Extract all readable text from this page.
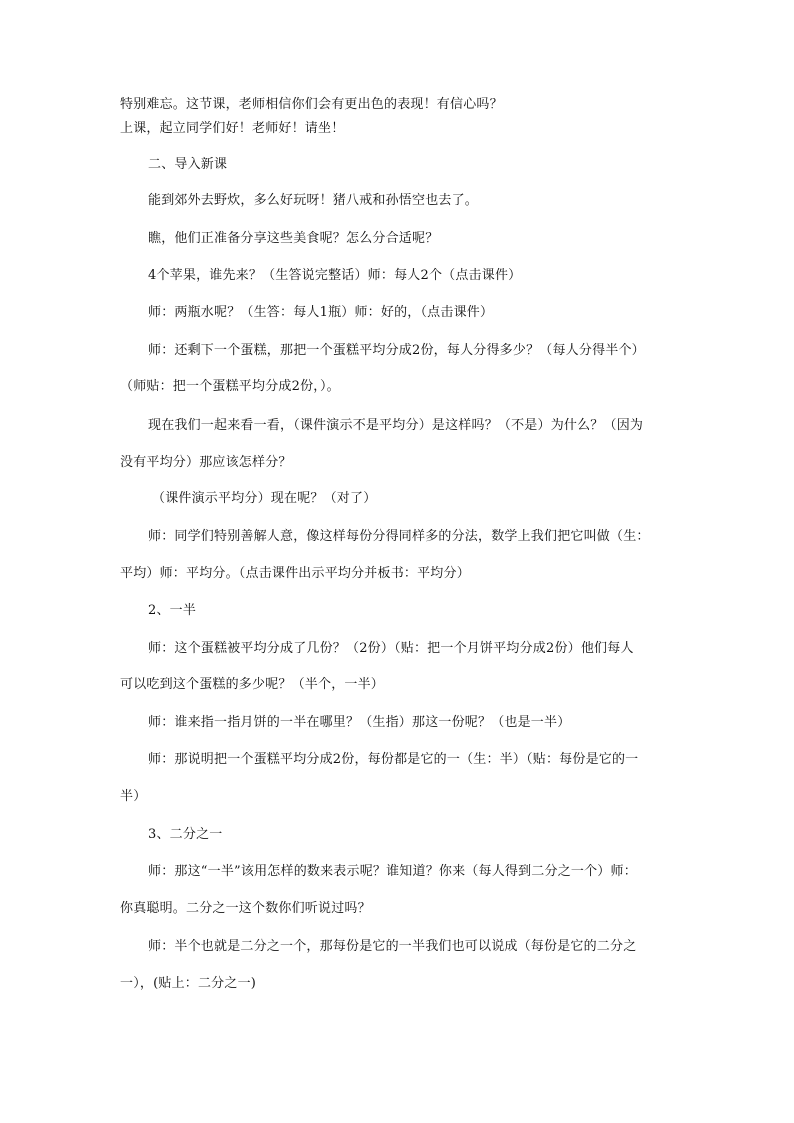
特别难忘。这节课，老师相信你们会有更出色的表现！有信心吗？
上课，起立同学们好！老师好！请坐！
二、导入新课
能到郊外去野炊，多么好玩呀！猪八戒和孙悟空也去了。
瞧，他们正准备分享这些美食呢？怎么分合适呢？
4个苹果，谁先来？（生答说完整话）师：每人2个（点击课件）
师：两瓶水呢？（生答：每人1瓶）师：好的，（点击课件）
师：还剩下一个蛋糕，那把一个蛋糕平均分成2份，每人分得多少？（每人分得半个）
（师贴：把一个蛋糕平均分成2份，）。
现在我们一起来看一看，（课件演示不是平均分）是这样吗？（不是）为什么？（因为
没有平均分）那应该怎样分？
（课件演示平均分）现在呢？（对了）
师：同学们特别善解人意，像这样每份分得同样多的分法，数学上我们把它叫做（生：
平均）师：平均分。（点击课件出示平均分并板书：平均分）
2、一半
师：这个蛋糕被平均分成了几份？（2份）（贴：把一个月饼平均分成2份）他们每人
可以吃到这个蛋糕的多少呢？（半个，一半）
师：谁来指一指月饼的一半在哪里？（生指）那这一份呢？（也是一半）
师：那说明把一个蛋糕平均分成2份，每份都是它的一（生：半）（贴：每份是它的一
半）
3、二分之一
师：那这“一半”该用怎样的数来表示呢？谁知道？你来（每人得到二分之一个）师：
你真聪明。二分之一这个数你们听说过吗？
师：半个也就是二分之一个，那每份是它的一半我们也可以说成（每份是它的二分之
一），(贴上：二分之一)
